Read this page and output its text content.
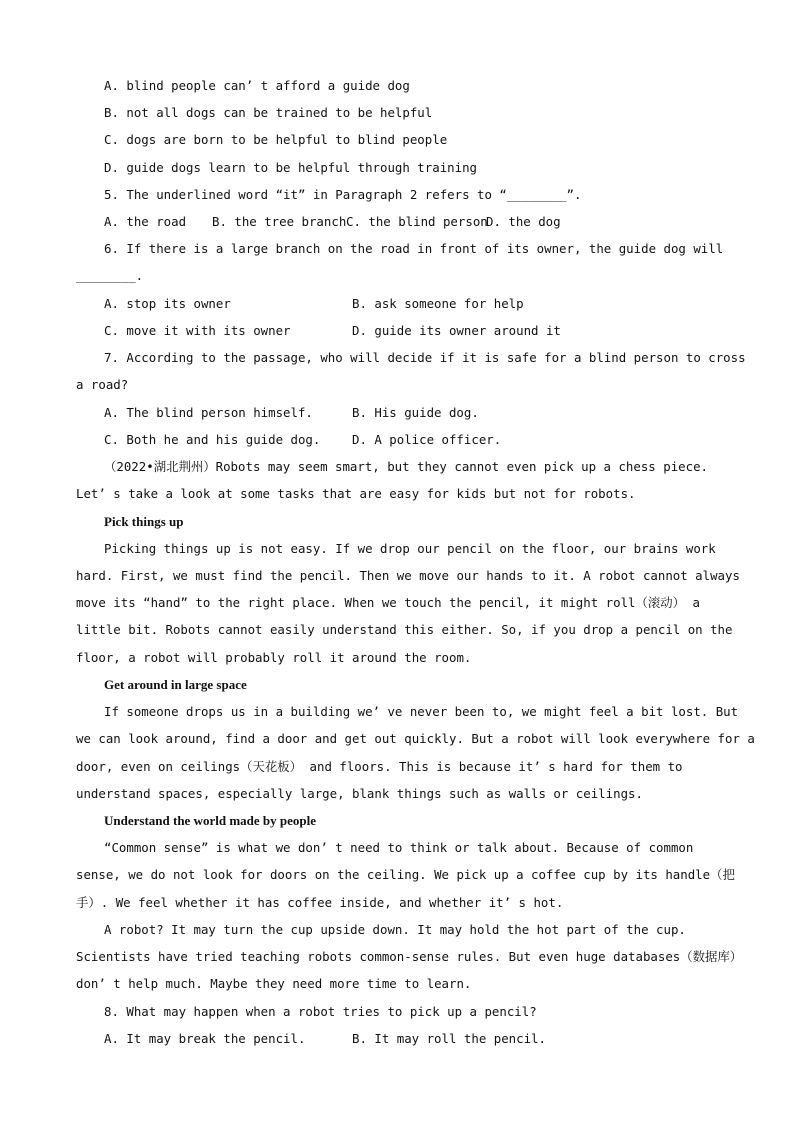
A. blind people can’ t afford a guide dog
B. not all dogs can be trained to be helpful
C. dogs are born to be helpful to blind people
D. guide dogs learn to be helpful through training
5. The underlined word “it” in Paragraph 2 refers to “________”.
A. the road B. the tree branch C. the blind person
D. the dog
6. If there is a large branch on the road in front of its owner, the guide dog will
________.
A. stop its owner	B. ask someone for help
C. move it with its owner	D. guide its owner around it
7. According to the passage, who will decide if it is safe for a blind person to cross
a road?
A. The blind person himself.	B. His guide dog.
C. Both he and his guide dog.	D. A police officer.
（2022•湖北荆州）Robots may seem smart, but they cannot even pick up a chess piece.
Let’ s take a look at some tasks that are easy for kids but not for robots.
Pick things up
Picking things up is not easy. If we drop our pencil on the floor, our brains work
hard. First, we must find the pencil. Then we move our hands to it. A robot cannot always
move its “hand” to the right place. When we touch the pencil, it might roll（滚动） a
little bit. Robots cannot easily understand this either. So, if you drop a pencil on the
floor, a robot will probably roll it around the room.
Get around in large space
If someone drops us in a building we’ ve never been to, we might feel a bit lost. But
we can look around, find a door and get out quickly. But a robot will look everywhere for a
door, even on ceilings（天花板） and floors. This is because it’ s hard for them to
understand spaces, especially large, blank things such as walls or ceilings.
Understand the world made by people
“Common sense” is what we don’ t need to think or talk about. Because of common
sense, we do not look for doors on the ceiling. We pick up a coffee cup by its handle（把
手）. We feel whether it has coffee inside, and whether it’ s hot.
A robot? It may turn the cup upside down. It may hold the hot part of the cup.
Scientists have tried teaching robots common-sense rules. But even huge databases（数据库）
don’ t help much. Maybe they need more time to learn.
8. What may happen when a robot tries to pick up a pencil?
A. It may break the pencil.	B. It may roll the pencil.
